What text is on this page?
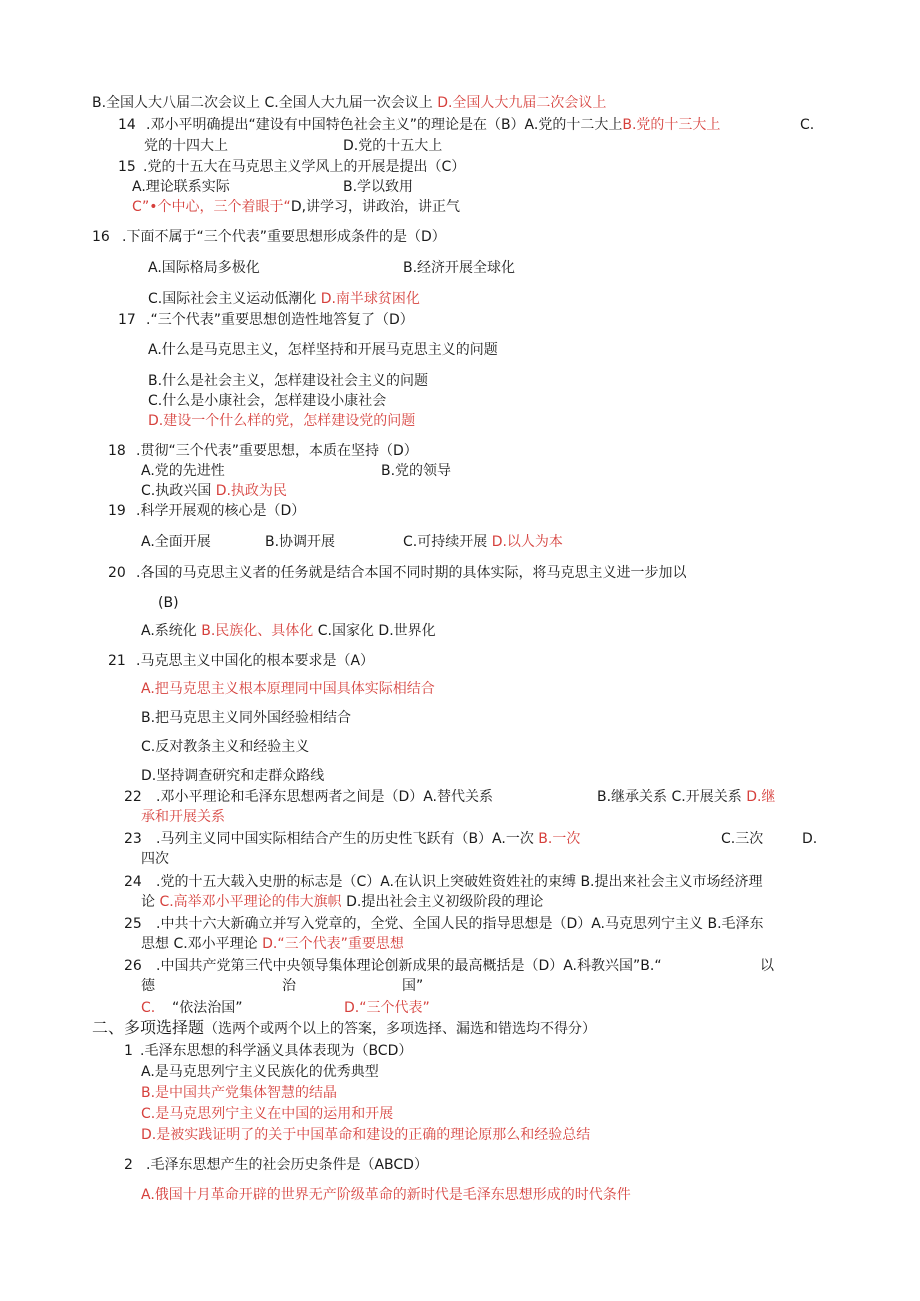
B.全国人大八届二次会议上 C.全国人大九届一次会议上 D.全国人大九届二次会议上
14 .邓小平明确提出“建设有中国特色社会主义”的理论是在（B）A.党的十二大上B.党的十三大上	C.
党的十四大上	D.党的十五大上
15 .党的十五大在马克思主义学风上的开展是提出（C）
A.理论联系实际	B.学以致用
C”•个中心，三个着眼于“D,讲学习，讲政治，讲正气
16 .下面不属于“三个代表”重要思想形成条件的是（D）
A.国际格局多极化	B.经济开展全球化
C.国际社会主义运动低潮化 D.南半球贫困化
17 .“三个代表”重要思想创造性地答复了（D）
A.什么是马克思主义，怎样坚持和开展马克思主义的问题
B.什么是社会主义，怎样建设社会主义的问题
C.什么是小康社会，怎样建设小康社会
D.建设一个什么样的党，怎样建设党的问题
18 .贯彻“三个代表”重要思想，本质在坚持（D）
A.党的先进性	B.党的领导
C.执政兴国 D.执政为民
19 .科学开展观的核心是（D）
A.全面开展	B.协调开展	C.可持续开展 D.以人为本
20 .各国的马克思主义者的任务就是结合本国不同时期的具体实际，将马克思主义进一步加以
(B)
A.系统化 B.民族化、具体化 C.国家化 D.世界化
21 .马克思主义中国化的根本要求是（A）
A.把马克思主义根本原理同中国具体实际相结合
B.把马克思主义同外国经验相结合
C.反对教条主义和经验主义
D.坚持调查研究和走群众路线
22 .邓小平理论和毛泽东思想两者之间是（D）A.替代关系	B.继承关系 C.开展关系 D.继
承和开展关系
23 .马列主义同中国实际相结合产生的历史性飞跃有（B）A.一次 B.一次	C.三次	D.
四次
24 .党的十五大载入史册的标志是（C）A.在认识上突破姓资姓社的束缚 B.提出来社会主义市场经济理
论 C.高举邓小平理论的伟大旗帜 D.提出社会主义初级阶段的理论
25 .中共十六大新确立并写入党章的，全党、全国人民的指导思想是（D）A.马克思列宁主义 B.毛泽东
思想 C.邓小平理论 D.“三个代表”重要思想
26 .中国共产党第三代中央领导集体理论创新成果的最高概括是（D）A.科教兴国”B.“	以
德	治	国”
C. “依法治国”	D.“三个代表”
二、多项选择题（选两个或两个以上的答案，多项选择、漏选和错选均不得分）
1 .毛泽东思想的科学涵义具体表现为（BCD）
A.是马克思列宁主义民族化的优秀典型
B.是中国共产党集体智慧的结晶
C.是马克思列宁主义在中国的运用和开展
D.是被实践证明了的关于中国革命和建设的正确的理论原那么和经验总结
2 .毛泽东思想产生的社会历史条件是（ABCD）
A.俄国十月革命开辟的世界无产阶级革命的新时代是毛泽东思想形成的时代条件
